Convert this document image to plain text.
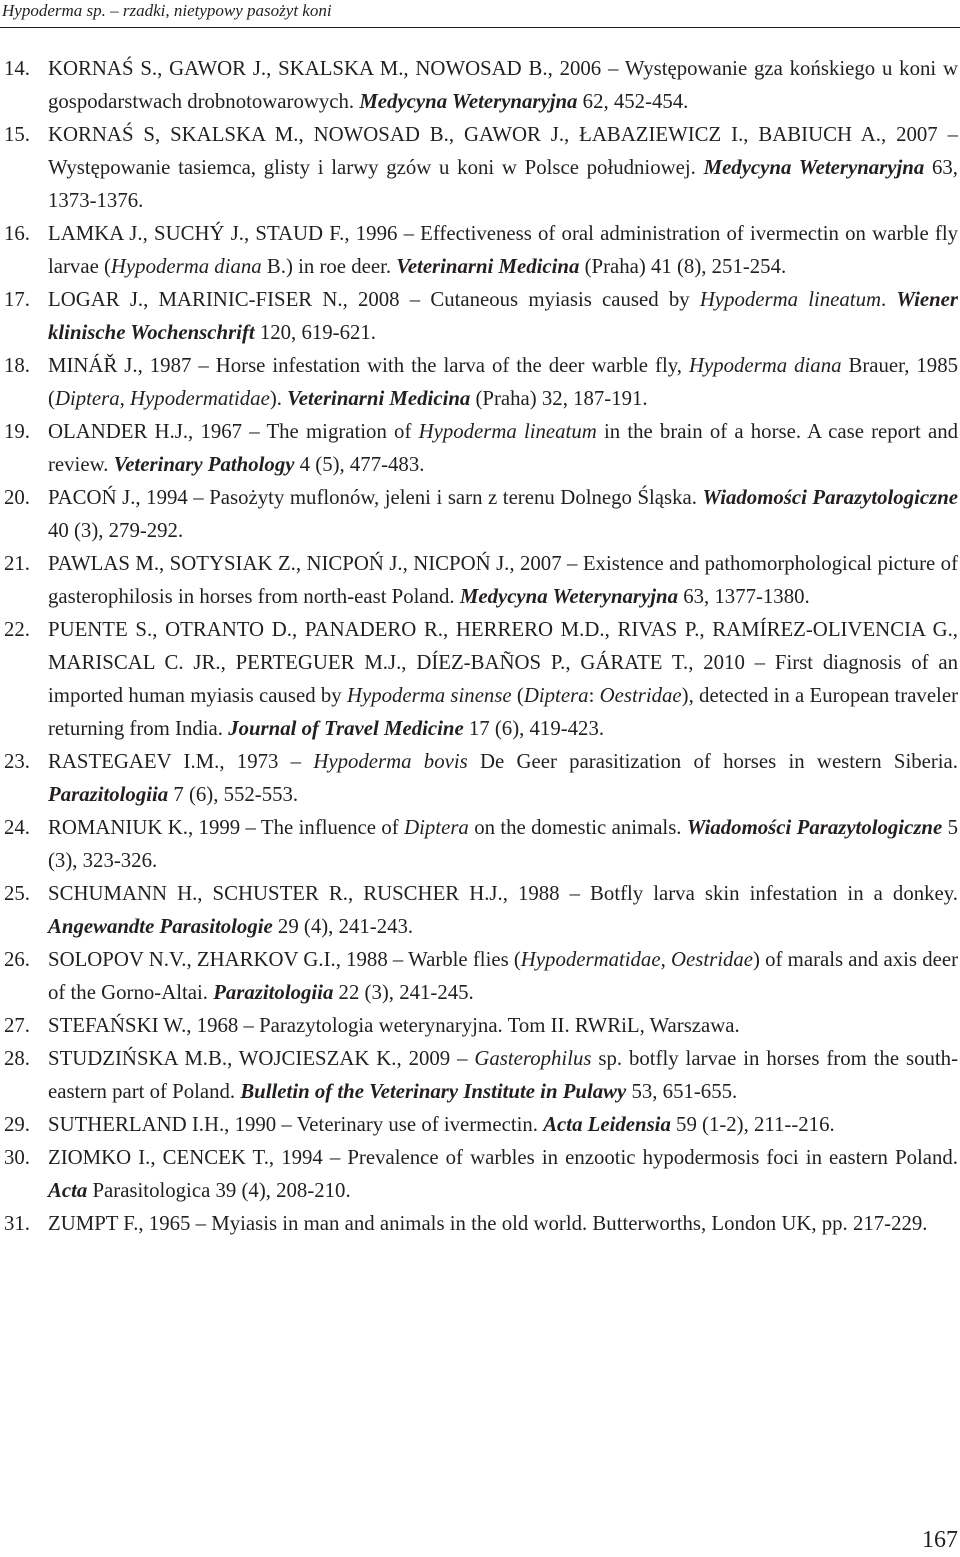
Hypoderma sp. – rzadki, nietypowy pasożyt koni
14. KORNAŚ S., GAWOR J., SKALSKA M., NOWOSAD B., 2006 – Występowanie gza końskiego u koni w gospodarstwach drobnotowarowych. Medycyna Weterynaryjna 62, 452-454.
15. KORNAŚ S, SKALSKA M., NOWOSAD B., GAWOR J., ŁABAZIEWICZ I., BABIUCH A., 2007 – Występowanie tasiemca, glisty i larwy gzów u koni w Polsce południowej. Medycyna Weterynaryjna 63, 1373-1376.
16. LAMKA J., SUCHÝ J., STAUD F., 1996 – Effectiveness of oral administration of ivermectin on warble fly larvae (Hypoderma diana B.) in roe deer. Veterinarni Medicina (Praha) 41 (8), 251-254.
17. LOGAR J., MARINIC-FISER N., 2008 – Cutaneous myiasis caused by Hypoderma lineatum. Wiener klinische Wochenschrift 120, 619-621.
18. MINÁŘ J., 1987 – Horse infestation with the larva of the deer warble fly, Hypoderma diana Brauer, 1985 (Diptera, Hypodermatidae). Veterinarni Medicina (Praha) 32, 187-191.
19. OLANDER H.J., 1967 – The migration of Hypoderma lineatum in the brain of a horse. A case report and review. Veterinary Pathology 4 (5), 477-483.
20. PACOŃ J., 1994 – Pasożyty muflonów, jeleni i sarn z terenu Dolnego Śląska. Wiadomości Parazytologiczne 40 (3), 279-292.
21. PAWLAS M., SOTYSIAK Z., NICPOŃ J., NICPOŃ J., 2007 – Existence and pathomorphological picture of gasterophilosis in horses from north-east Poland. Medycyna Weterynaryjna 63, 1377-1380.
22. PUENTE S., OTRANTO D., PANADERO R., HERRERO M.D., RIVAS P., RAMÍREZ-OLIVENCIA G., MARISCAL C. JR., PERTEGUER M.J., DÍEZ-BAÑOS P., GÁRATE T., 2010 – First diagnosis of an imported human myiasis caused by Hypoderma sinense (Diptera: Oestridae), detected in a European traveler returning from India. Journal of Travel Medicine 17 (6), 419-423.
23. RASTEGAEV I.M., 1973 – Hypoderma bovis De Geer parasitization of horses in western Siberia. Parazitologiia 7 (6), 552-553.
24. ROMANIUK K., 1999 – The influence of Diptera on the domestic animals. Wiadomości Parazytologiczne 5 (3), 323-326.
25. SCHUMANN H., SCHUSTER R., RUSCHER H.J., 1988 – Botfly larva skin infestation in a donkey. Angewandte Parasitologie 29 (4), 241-243.
26. SOLOPOV N.V., ZHARKOV G.I., 1988 – Warble flies (Hypodermatidae, Oestridae) of marals and axis deer of the Gorno-Altai. Parazitologiia 22 (3), 241-245.
27. STEFAŃSKI W., 1968 – Parazytologia weterynaryjna. Tom II. RWRiL, Warszawa.
28. STUDZIŃSKA M.B., WOJCIESZAK K., 2009 – Gasterophilus sp. botfly larvae in horses from the south-eastern part of Poland. Bulletin of the Veterinary Institute in Pulawy 53, 651-655.
29. SUTHERLAND I.H., 1990 – Veterinary use of ivermectin. Acta Leidensia 59 (1-2), 211--216.
30. ZIOMKO I., CENCEK T., 1994 – Prevalence of warbles in enzootic hypodermosis foci in eastern Poland. Acta Parasitologica 39 (4), 208-210.
31. ZUMPT F., 1965 – Myiasis in man and animals in the old world. Butterworths, London UK, pp. 217-229.
167
